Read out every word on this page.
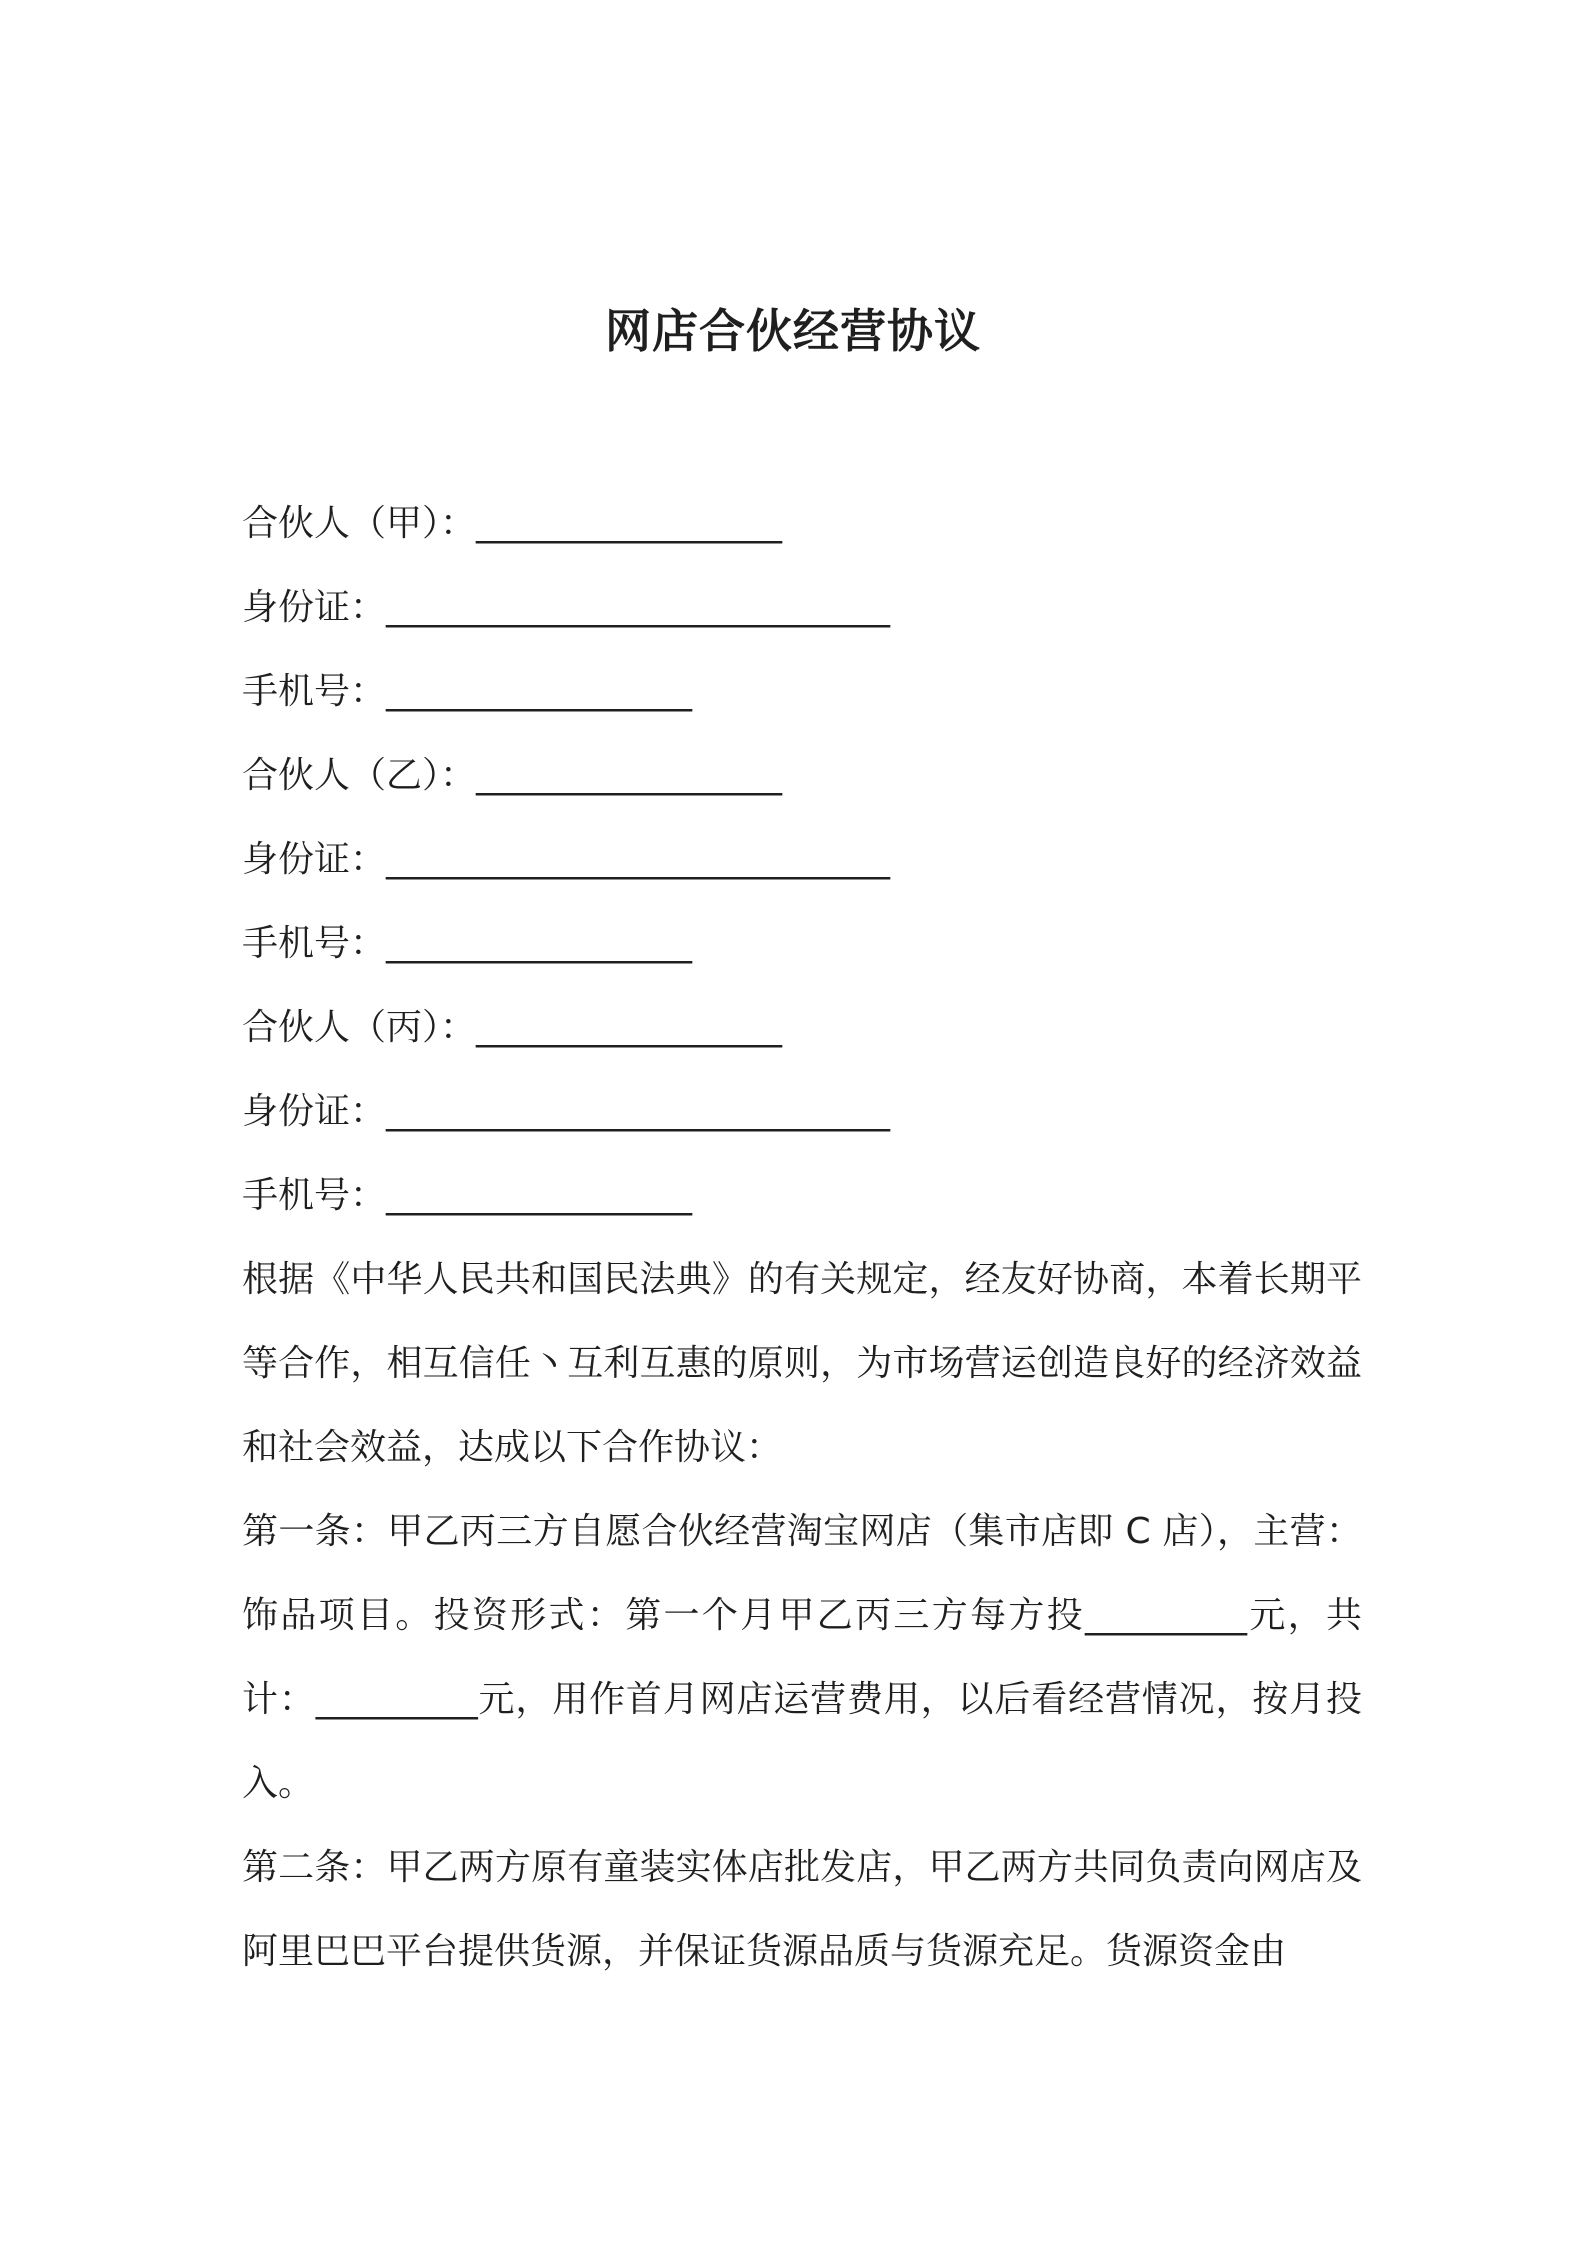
网店合伙经营协议

合伙人（甲）：_________________

身份证：____________________________

手机号：_________________

合伙人（乙）：_________________

身份证：____________________________

手机号：_________________

合伙人（丙）：_________________

身份证：____________________________

手机号：_________________

根据《中华人民共和国民法典》的有关规定，经友好协商，本着长期平等合作，相互信任丶互利互惠的原则，为市场营运创造良好的经济效益和社会效益，达成以下合作协议：

第一条：甲乙丙三方自愿合伙经营淘宝网店（集市店即 C 店），主营：饰品项目。投资形式：第一个月甲乙丙三方每方投_________元，共计：_________元，用作首月网店运营费用，以后看经营情况，按月投入。

第二条：甲乙两方原有童装实体店批发店，甲乙两方共同负责向网店及阿里巴巴平台提供货源，并保证货源品质与货源充足。货源资金由
